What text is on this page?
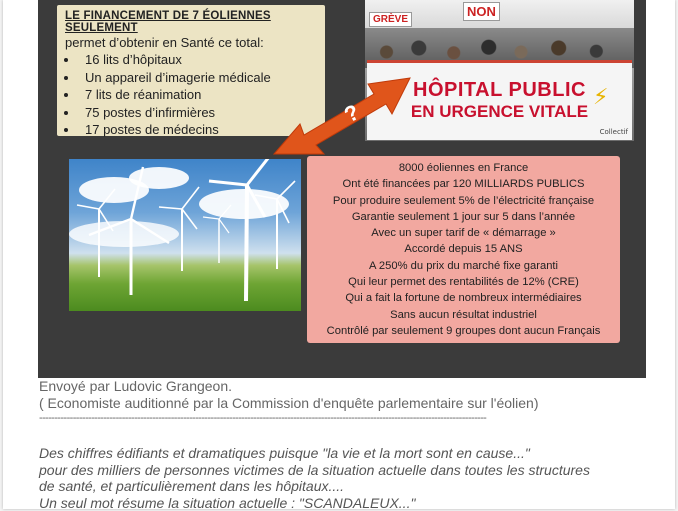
LE FINANCEMENT DE 7 ÉOLIENNES SEULEMENT
permet d’obtenir en Santé ce total:
• 16 lits d’hôpitaux
• Un appareil d’imagerie médicale
• 7 lits de réanimation
• 75 postes d’infirmières
• 17 postes de médecins
GRÈVE
NON
⚡
HÔPITAL PUBLIC
EN URGENCE VITALE
Collectif
?
8000 éoliennes en France
Ont été financées par 120 MILLIARDS PUBLICS
Pour produire seulement 5% de l’électricité française
Garantie seulement 1 jour sur 5 dans l’année
Avec un super tarif de « démarrage »
Accordé depuis 15 ANS
A 250% du prix du marché fixe garanti
Qui leur permet des rentabilités de 12% (CRE)
Qui a fait la fortune de nombreux intermédiaires
Sans aucun résultat industriel
Contrôlé par seulement 9 groupes dont aucun Français
Envoyé par Ludovic Grangeon.
( Economiste auditionné par la Commission d'enquête parlementaire sur l'éolien)
--------------------------------------------------------------------------------------------------------------------------------------------------
Des chiffres édifiants et dramatiques puisque "la vie et la mort sont en cause..."
pour des milliers de personnes victimes de la situation actuelle dans toutes les structures
de santé, et particulièrement dans les hôpitaux....
Un seul mot résume la situation actuelle : "SCANDALEUX..."
